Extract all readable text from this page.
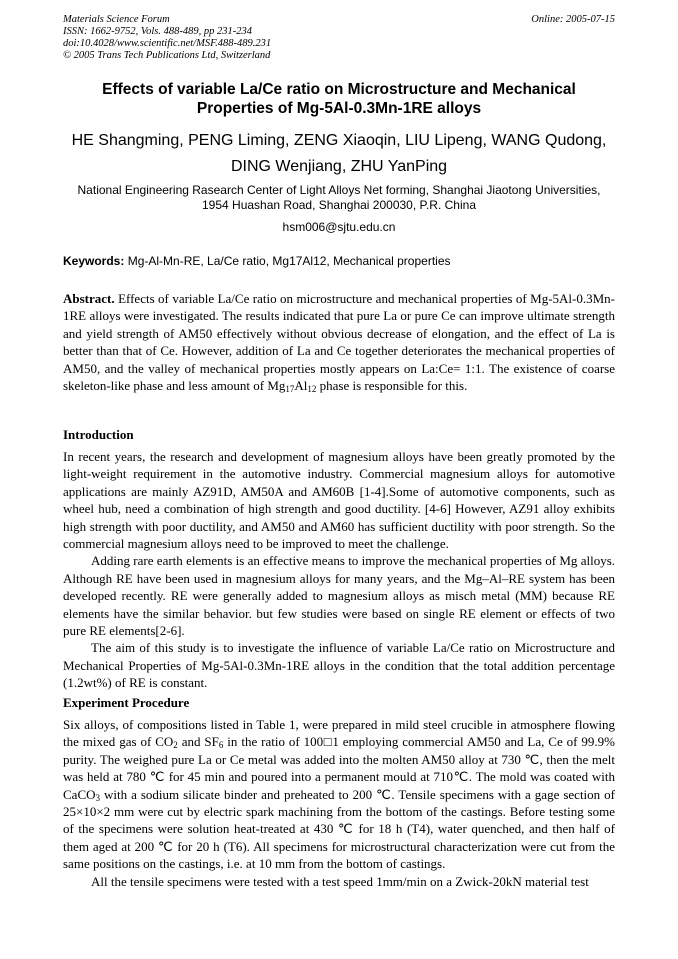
Materials Science Forum
ISSN: 1662-9752, Vols. 488-489, pp 231-234
doi:10.4028/www.scientific.net/MSF.488-489.231
© 2005 Trans Tech Publications Ltd, Switzerland
Online: 2005-07-15
Effects of variable La/Ce ratio on Microstructure and Mechanical
Properties of Mg-5Al-0.3Mn-1RE alloys
HE Shangming, PENG Liming, ZENG Xiaoqin, LIU Lipeng, WANG Qudong,
DING Wenjiang, ZHU YanPing
National Engineering Rasearch Center of Light Alloys Net forming, Shanghai Jiaotong Universities,
1954 Huashan Road, Shanghai 200030, P.R. China
hsm006@sjtu.edu.cn
Keywords: Mg-Al-Mn-RE, La/Ce ratio, Mg17Al12, Mechanical properties

Abstract. Effects of variable La/Ce ratio on microstructure and mechanical properties of Mg-5Al-0.3Mn-1RE alloys were investigated. The results indicated that pure La or pure Ce can improve ultimate strength and yield strength of AM50 effectively without obvious decrease of elongation, and the effect of La is better than that of Ce. However, addition of La and Ce together deteriorates the mechanical properties of AM50, and the valley of mechanical properties mostly appears on La:Ce= 1:1. The existence of coarse skeleton-like phase and less amount of $Mg_{17}Al_{12}$ phase is responsible for this.

Introduction

In recent years, the research and development of magnesium alloys have been greatly promoted by the light-weight requirement in the automotive industry. Commercial magnesium alloys for automotive applications are mainly AZ91D, AM50A and AM60B [1-4].Some of automotive components, such as wheel hub, need a combination of high strength and good ductility. [4-6] However, AZ91 alloy exhibits high strength with poor ductility, and AM50 and AM60 has sufficient ductility with poor strength. So the commercial magnesium alloys need to be improved to meet the challenge.

Adding rare earth elements is an effective means to improve the mechanical properties of Mg alloys. Although RE have been used in magnesium alloys for many years, and the Mg–Al–RE system has been developed recently. RE were generally added to magnesium alloys as misch metal (MM) because RE elements have the similar behavior. but few studies were based on single RE element or effects of two pure RE elements[2-6].

The aim of this study is to investigate the influence of variable La/Ce ratio on Microstructure and Mechanical Properties of Mg-5Al-0.3Mn-1RE alloys in the condition that the total addition percentage (1.2wt%) of RE is constant.

Experiment Procedure

Six alloys, of compositions listed in Table 1, were prepared in mild steel crucible in atmosphere flowing the mixed gas of $CO_2$ and $SF_6$ in the ratio of 100□1 employing commercial AM50 and La, Ce of 99.9% purity. The weighed pure La or Ce metal was added into the molten AM50 alloy at 730 ℃, then the melt was held at 780 ℃ for 45 min and poured into a permanent mould at 710℃. The mold was coated with CaCO$_3$ with a sodium silicate binder and preheated to 200 ℃. Tensile specimens with a gage section of 25×10×2 mm were cut by electric spark machining from the bottom of the castings. Before testing some of the specimens were solution heat-treated at 430 ℃ for 18 h (T4), water quenched, and then half of them aged at 200 ℃ for 20 h (T6). All specimens for microstructural characterization were cut from the same positions on the castings, i.e. at 10 mm from the bottom of castings.

All the tensile specimens were tested with a test speed 1mm/min on a Zwick-20kN material test
